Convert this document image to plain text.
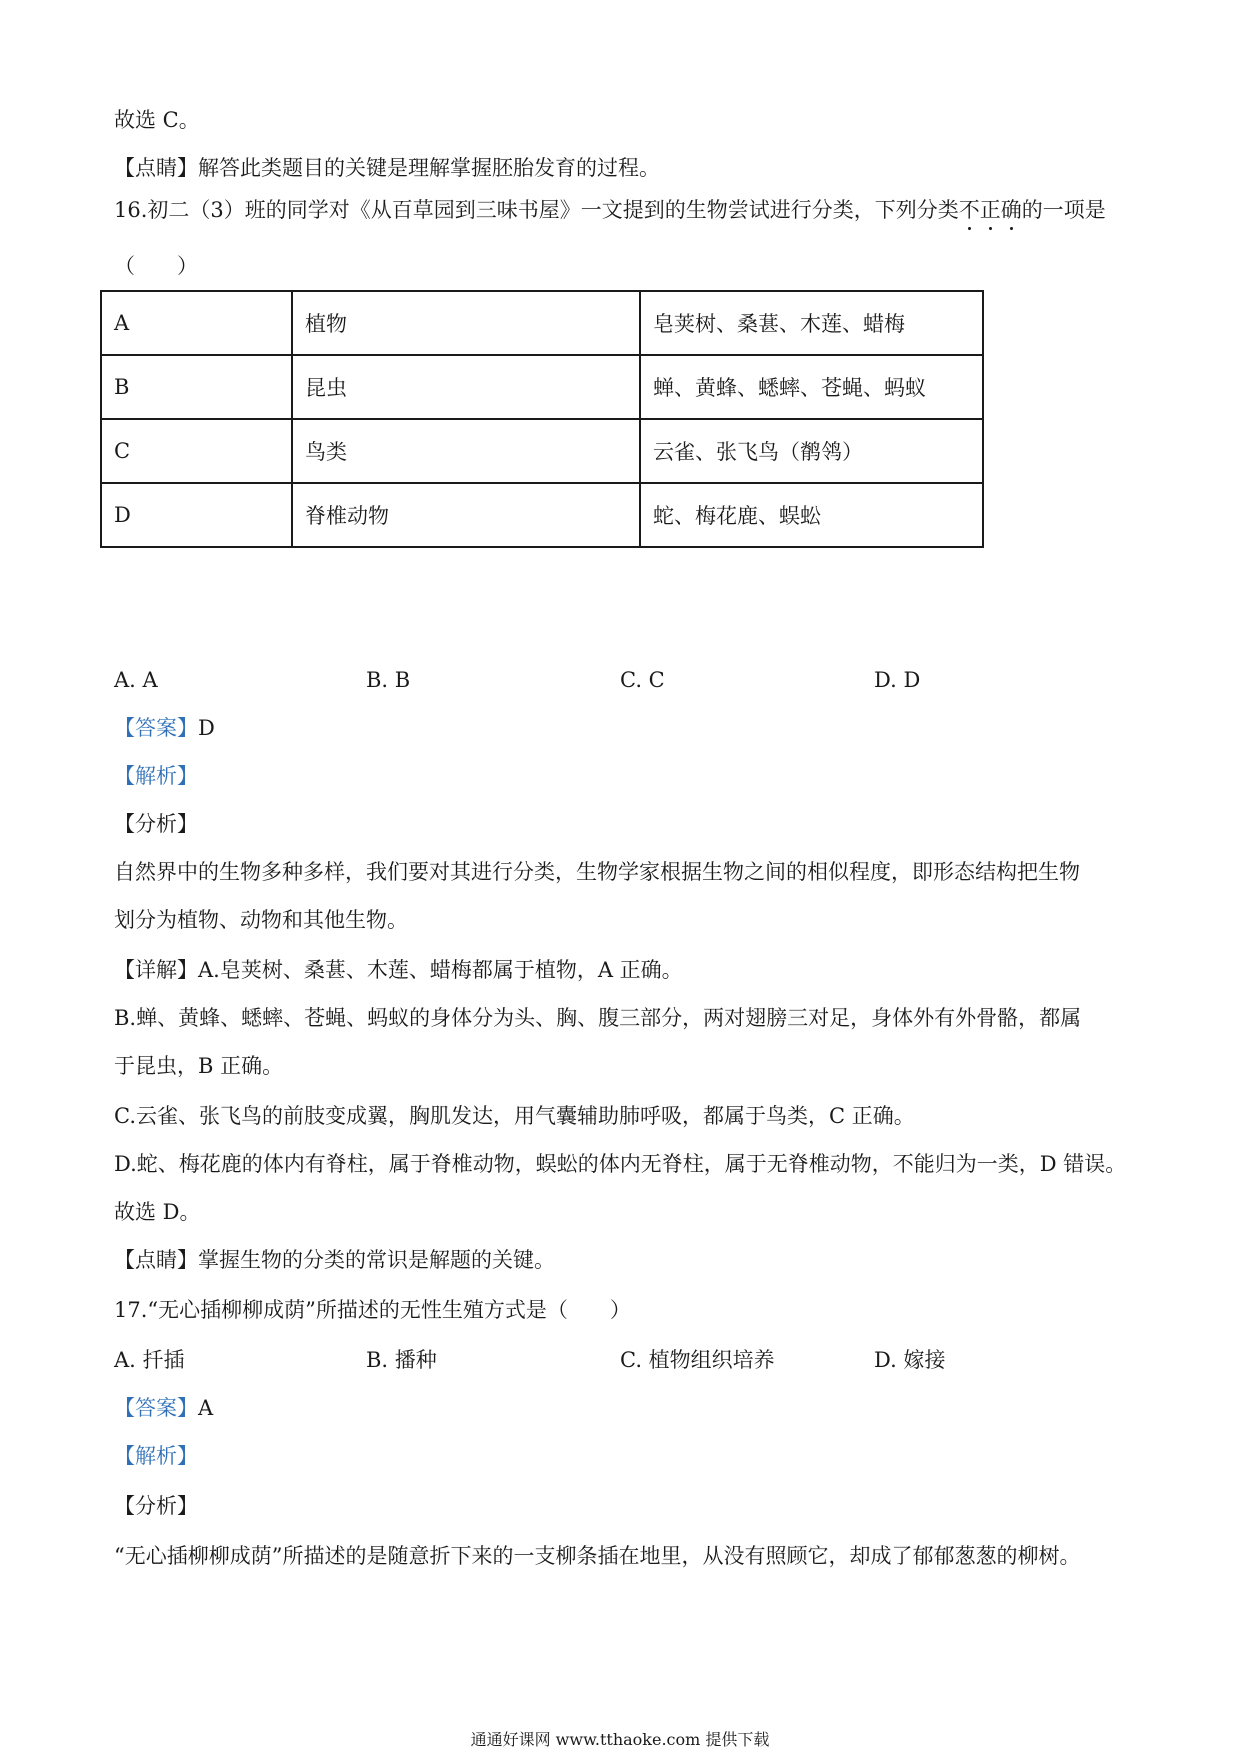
故选 C。
【点睛】解答此类题目的关键是理解掌握胚胎发育的过程。
16.初二（3）班的同学对《从百草园到三味书屋》一文提到的生物尝试进行分类，下列分类不正确的一项是
（　　）
A	植物	皂荚树、桑葚、木莲、蜡梅
B	昆虫	蝉、黄蜂、蟋蟀、苍蝇、蚂蚁
C	鸟类	云雀、张飞鸟（鹡鸰）
D	脊椎动物	蛇、梅花鹿、蜈蚣
A. A	B. B	C. C	D. D
【答案】D
【解析】
【分析】
自然界中的生物多种多样，我们要对其进行分类，生物学家根据生物之间的相似程度，即形态结构把生物
划分为植物、动物和其他生物。
【详解】A.皂荚树、桑葚、木莲、蜡梅都属于植物，A 正确。
B.蝉、黄蜂、蟋蟀、苍蝇、蚂蚁的身体分为头、胸、腹三部分，两对翅膀三对足，身体外有外骨骼，都属
于昆虫，B 正确。
C.云雀、张飞鸟的前肢变成翼，胸肌发达，用气囊辅助肺呼吸，都属于鸟类，C 正确。
D.蛇、梅花鹿的体内有脊柱，属于脊椎动物，蜈蚣的体内无脊柱，属于无脊椎动物，不能归为一类，D 错误。
故选 D。
【点睛】掌握生物的分类的常识是解题的关键。
17.“无心插柳柳成荫”所描述的无性生殖方式是（　　）
A. 扦插	B. 播种	C. 植物组织培养	D. 嫁接
【答案】A
【解析】
【分析】
“无心插柳柳成荫”所描述的是随意折下来的一支柳条插在地里，从没有照顾它，却成了郁郁葱葱的柳树。
通通好课网 www.tthaoke.com 提供下载
